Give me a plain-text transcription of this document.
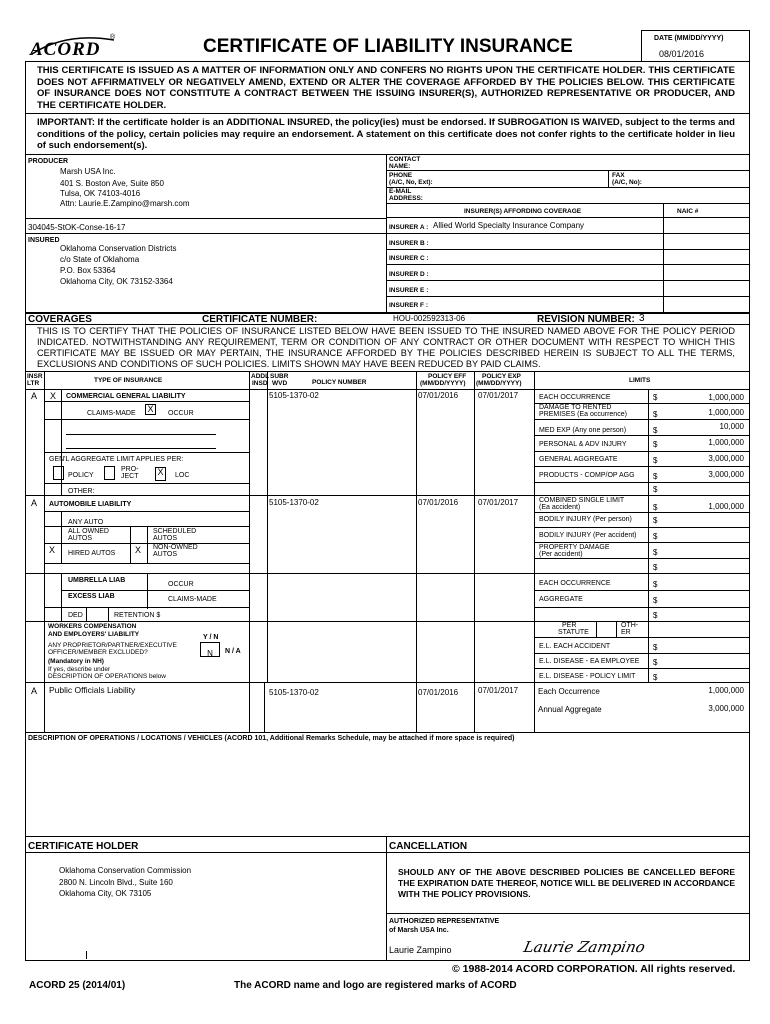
ACORD
®	CERTIFICATE OF LIABILITY INSURANCE	DATE (MM/DD/YYYY)
08/01/2016
THIS CERTIFICATE IS ISSUED AS A MATTER OF INFORMATION ONLY AND CONFERS NO RIGHTS UPON THE CERTIFICATE HOLDER. THIS CERTIFICATE DOES NOT AFFIRMATIVELY OR NEGATIVELY AMEND, EXTEND OR ALTER THE COVERAGE AFFORDED BY THE POLICIES BELOW. THIS CERTIFICATE OF INSURANCE DOES NOT CONSTITUTE A CONTRACT BETWEEN THE ISSUING INSURER(S), AUTHORIZED REPRESENTATIVE OR PRODUCER, AND THE CERTIFICATE HOLDER.
IMPORTANT: If the certificate holder is an ADDITIONAL INSURED, the policy(ies) must be endorsed. If SUBROGATION IS WAIVED, subject to the terms and conditions of the policy, certain policies may require an endorsement. A statement on this certificate does not confer rights to the certificate holder in lieu of such endorsement(s).
PRODUCER
Marsh USA Inc.
401 S. Boston Ave, Suite 850
Tulsa, OK 74103-4016
Attn: Laurie.E.Zampino@marsh.com
304045-StOK-Conse-16-17
INSURED
Oklahoma Conservation Districts
c/o State of Oklahoma
P.O. Box 53364
Oklahoma City, OK 73152-3364
CONTACT
NAME:
PHONE
(A/C, No, Ext):
FAX
(A/C, No):
E-MAIL
ADDRESS:
INSURER(S) AFFORDING COVERAGE	NAIC #
INSURER A : Allied World Specialty Insurance Company
INSURER B :
INSURER C :
INSURER D :
INSURER E :
INSURER F :
COVERAGES	CERTIFICATE NUMBER:	HOU-002592313-06	REVISION NUMBER: 3
THIS IS TO CERTIFY THAT THE POLICIES OF INSURANCE LISTED BELOW HAVE BEEN ISSUED TO THE INSURED NAMED ABOVE FOR THE POLICY PERIOD INDICATED. NOTWITHSTANDING ANY REQUIREMENT, TERM OR CONDITION OF ANY CONTRACT OR OTHER DOCUMENT WITH RESPECT TO WHICH THIS CERTIFICATE MAY BE ISSUED OR MAY PERTAIN, THE INSURANCE AFFORDED BY THE POLICIES DESCRIBED HEREIN IS SUBJECT TO ALL THE TERMS, EXCLUSIONS AND CONDITIONS OF SUCH POLICIES. LIMITS SHOWN MAY HAVE BEEN REDUCED BY PAID CLAIMS.
INSR
LTR	TYPE OF INSURANCE
ADDL
INSD
SUBR
WVD	POLICY NUMBER
POLICY EFF
(MM/DD/YYYY)
POLICY EXP
(MM/DD/YYYY)	LIMITS
A X COMMERCIAL GENERAL LIABILITY
CLAIMS-MADE X	OCCUR
GEN'L AGGREGATE LIMIT APPLIES PER:
POLICY
PRO-
JECT X	LOC
OTHER:
5105-1370-02	07/01/2016 07/01/2017	EACH OCCURRENCE	$	1,000,000
DAMAGE TO RENTED
PREMISES (Ea occurrence)	$	1,000,000
MED EXP (Any one person)	$	10,000
PERSONAL & ADV INJURY	$	1,000,000
GENERAL AGGREGATE	$	3,000,000
PRODUCTS - COMP/OP AGG $	3,000,000
$
A AUTOMOBILE LIABILITY
ANY AUTO
ALL OWNED
AUTOS
SCHEDULED
AUTOS
X HIRED AUTOS X NON-OWNED
AUTOS
5105-1370-02	07/01/2016 07/01/2017	COMBINED SINGLE LIMIT
(Ea accident)	$	1,000,000
BODILY INJURY (Per person)	$
BODILY INJURY (Per accident) $
PROPERTY DAMAGE
(Per accident)	$
$
UMBRELLA LIAB
OCCUR
EXCESS LIAB	CLAIMS-MADE
DED	RETENTION $
EACH OCCURRENCE	$
AGGREGATE	$
$
WORKERS COMPENSATION
AND EMPLOYERS' LIABILITY	Y / N
ANY PROPRIETOR/PARTNER/EXECUTIVE
OFFICER/MEMBER EXCLUDED?	N	N / A
(Mandatory in NH)
If yes, describe under
DESCRIPTION OF OPERATIONS below
PER
STATUTE
OTH-
ER
E.L. EACH ACCIDENT	$
E.L. DISEASE - EA EMPLOYEE $
E.L. DISEASE - POLICY LIMIT $
A Public Officials Liability	5105-1370-02	07/01/2016 07/01/2017 Each Occurrence	1,000,000
Annual Aggregate	3,000,000
DESCRIPTION OF OPERATIONS / LOCATIONS / VEHICLES (ACORD 101, Additional Remarks Schedule, may be attached if more space is required)
CERTIFICATE HOLDER
Oklahoma Conservation Commission
2800 N. Lincoln Blvd., Suite 160
Oklahoma City, OK 73105
CANCELLATION
SHOULD ANY OF THE ABOVE DESCRIBED POLICIES BE CANCELLED BEFORE THE EXPIRATION DATE THEREOF, NOTICE WILL BE DELIVERED IN ACCORDANCE WITH THE POLICY PROVISIONS.
AUTHORIZED REPRESENTATIVE
of Marsh USA Inc.
Laurie Zampino	Laurie Zampino
© 1988-2014 ACORD CORPORATION. All rights reserved.
ACORD 25 (2014/01)	The ACORD name and logo are registered marks of ACORD
